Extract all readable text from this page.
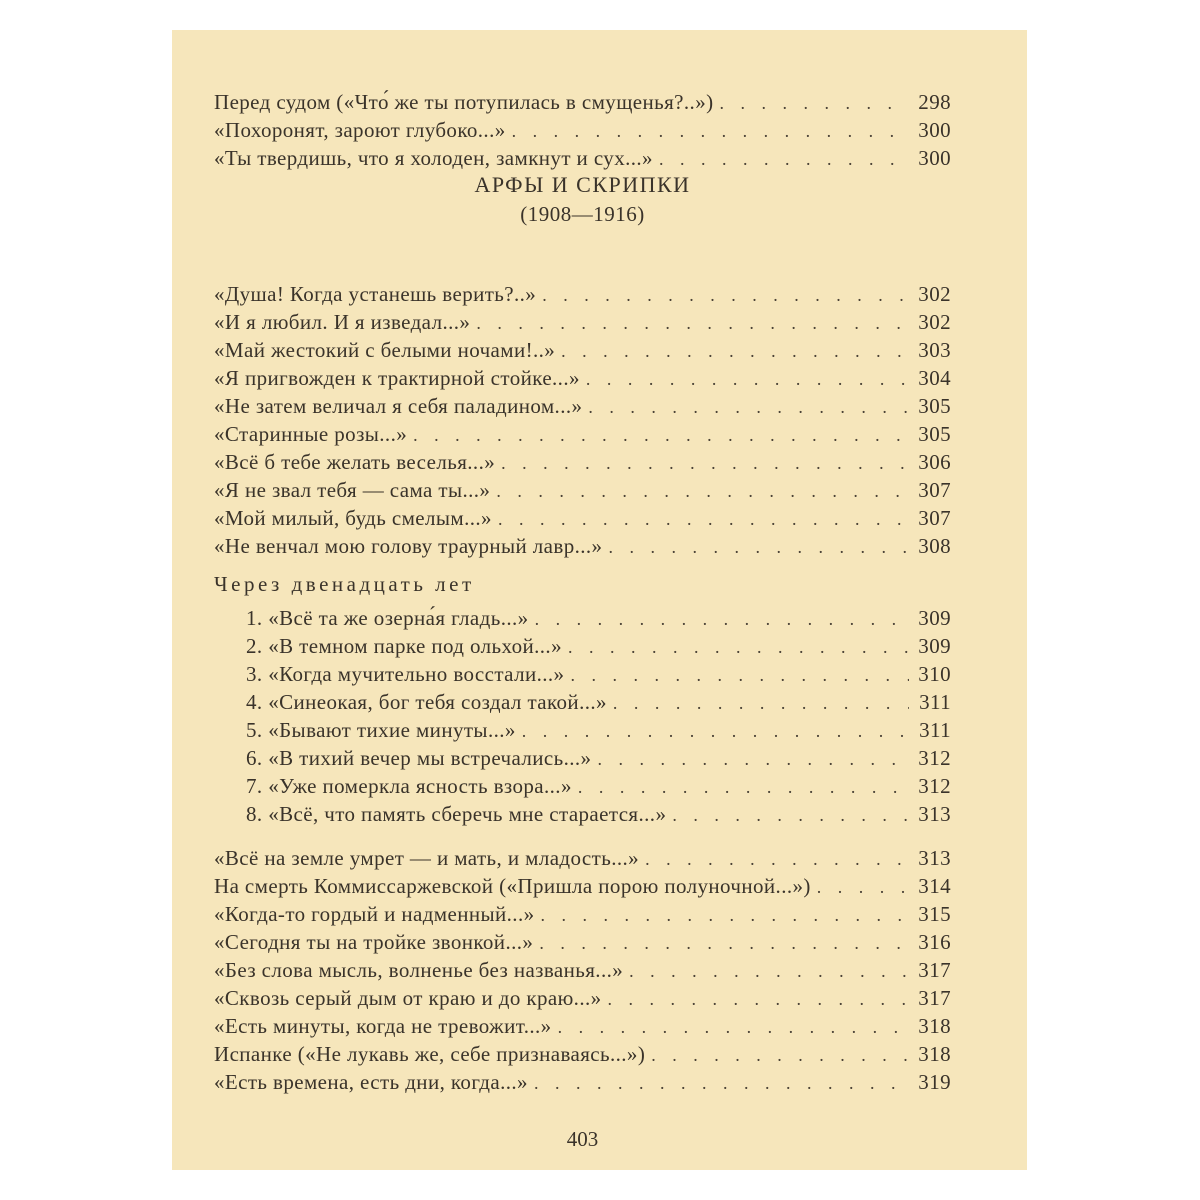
Перед судом («Что́ же ты потупилась в смущенья?..») . . .	298
«Похоронят, зароют глубоко...» . . .	300
«Ты твердишь, что я холоден, замкнут и сух...» . . .	300
АРФЫ И СКРИПКИ
(1908—1916)
«Душа! Когда устанешь верить?..» . . .	302
«И я любил. И я изведал...» . . .	302
«Май жестокий с белыми ночами!..» . . .	303
«Я пригвожден к трактирной стойке...» . . .	304
«Не затем величал я себя паладином...» . . .	305
«Старинные розы...» . . .	305
«Всё б тебе желать веселья...» . . .	306
«Я не звал тебя — сама ты...» . . .	307
«Мой милый, будь смелым...» . . .	307
«Не венчал мою голову траурный лавр...» . . .	308
Через двенадцать лет
1. «Всё та же озерна́я гладь...» . . .	309
2. «В темном парке под ольхой...» . . .	309
3. «Когда мучительно восстали...» . . .	310
4. «Синеокая, бог тебя создал такой...» . . .	311
5. «Бывают тихие минуты...» . . .	311
6. «В тихий вечер мы встречались...» . . .	312
7. «Уже померкла ясность взора...» . . .	312
8. «Всё, что память сберечь мне старается...» . . .	313
«Всё на земле умрет — и мать, и младость...» . . .	313
На смерть Коммиссаржевской («Пришла порою полуночной...») . . .	314
«Когда-то гордый и надменный...» . . .	315
«Сегодня ты на тройке звонкой...» . . .	316
«Без слова мысль, волненье без названья...» . . .	317
«Сквозь серый дым от краю и до краю...» . . .	317
«Есть минуты, когда не тревожит...» . . .	318
Испанке («Не лукавь же, себе признаваясь...») . . .	318
«Есть времена, есть дни, когда...» . . .	319
403
